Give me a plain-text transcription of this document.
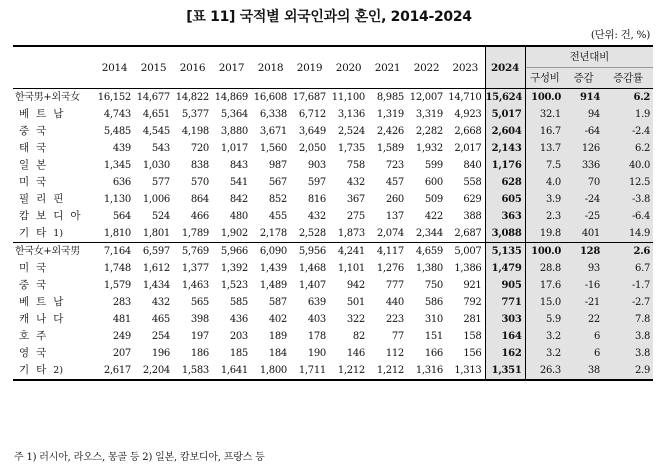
[표 11] 국적별 외국인과의 혼인, 2014-2024
(단위: 건, %)
	2014	2015	2016	2017	2018	2019	2020	2021	2022	2023	2024	전년대비		
												구성비	증감	증감률
한국男+외국女	16,152	14,677	14,822	14,869	16,608	17,687	11,100	8,985	12,007	14,710	15,624	100.0	914	6.2
베트남	4,743	4,651	5,377	5,364	6,338	6,712	3,136	1,319	3,319	4,923	5,017	32.1	94	1.9
중국	5,485	4,545	4,198	3,880	3,671	3,649	2,524	2,426	2,282	2,668	2,604	16.7	-64	-2.4
태국	439	543	720	1,017	1,560	2,050	1,735	1,589	1,932	2,017	2,143	13.7	126	6.2
일본	1,345	1,030	838	843	987	903	758	723	599	840	1,176	7.5	336	40.0
미국	636	577	570	541	567	597	432	457	600	558	628	4.0	70	12.5
필리핀	1,130	1,006	864	842	852	816	367	260	509	629	605	3.9	-24	-3.8
캄보디아	564	524	466	480	455	432	275	137	422	388	363	2.3	-25	-6.4
기타1)	1,810	1,801	1,789	1,902	2,178	2,528	1,873	2,074	2,344	2,687	3,088	19.8	401	14.9
한국女+외국男	7,164	6,597	5,769	5,966	6,090	5,956	4,241	4,117	4,659	5,007	5,135	100.0	128	2.6
미국	1,748	1,612	1,377	1,392	1,439	1,468	1,101	1,276	1,380	1,386	1,479	28.8	93	6.7
중국	1,579	1,434	1,463	1,523	1,489	1,407	942	777	750	921	905	17.6	-16	-1.7
베트남	283	432	565	585	587	639	501	440	586	792	771	15.0	-21	-2.7
캐나다	481	465	398	436	402	403	322	223	310	281	303	5.9	22	7.8
호주	249	254	197	203	189	178	82	77	151	158	164	3.2	6	3.8
영국	207	196	186	185	184	190	146	112	166	156	162	3.2	6	3.8
기타2)	2,617	2,204	1,583	1,641	1,800	1,711	1,212	1,212	1,316	1,313	1,351	26.3	38	2.9
주 1) 러시아, 라오스, 몽골 등 2) 일본, 캄보디아, 프랑스 등
